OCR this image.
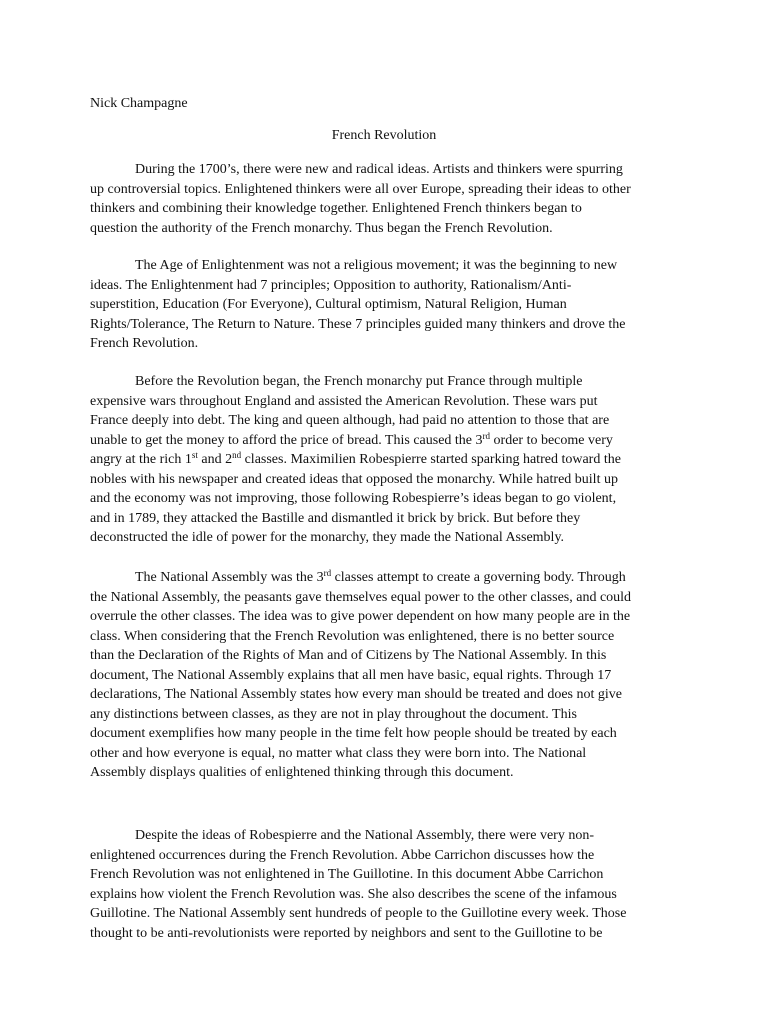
Nick Champagne

French Revolution

During the 1700’s, there were new and radical ideas. Artists and thinkers were spurring
up controversial topics. Enlightened thinkers were all over Europe, spreading their ideas to other
thinkers and combining their knowledge together. Enlightened French thinkers began to
question the authority of the French monarchy. Thus began the French Revolution.

The Age of Enlightenment was not a religious movement; it was the beginning to new
ideas. The Enlightenment had 7 principles; Opposition to authority, Rationalism/Anti-
superstition, Education (For Everyone), Cultural optimism, Natural Religion, Human
Rights/Tolerance, The Return to Nature. These 7 principles guided many thinkers and drove the
French Revolution.

Before the Revolution began, the French monarchy put France through multiple
expensive wars throughout England and assisted the American Revolution. These wars put
France deeply into debt. The king and queen although, had paid no attention to those that are
unable to get the money to afford the price of bread. This caused the 3rd order to become very
angry at the rich 1st and 2nd classes. Maximilien Robespierre started sparking hatred toward the
nobles with his newspaper and created ideas that opposed the monarchy. While hatred built up
and the economy was not improving, those following Robespierre’s ideas began to go violent,
and in 1789, they attacked the Bastille and dismantled it brick by brick. But before they
deconstructed the idle of power for the monarchy, they made the National Assembly.

The National Assembly was the 3rd classes attempt to create a governing body. Through
the National Assembly, the peasants gave themselves equal power to the other classes, and could
overrule the other classes. The idea was to give power dependent on how many people are in the
class. When considering that the French Revolution was enlightened, there is no better source
than the Declaration of the Rights of Man and of Citizens by The National Assembly. In this
document, The National Assembly explains that all men have basic, equal rights. Through 17
declarations, The National Assembly states how every man should be treated and does not give
any distinctions between classes, as they are not in play throughout the document. This
document exemplifies how many people in the time felt how people should be treated by each
other and how everyone is equal, no matter what class they were born into. The National
Assembly displays qualities of enlightened thinking through this document.

Despite the ideas of Robespierre and the National Assembly, there were very non-
enlightened occurrences during the French Revolution. Abbe Carrichon discusses how the
French Revolution was not enlightened in The Guillotine. In this document Abbe Carrichon
explains how violent the French Revolution was. She also describes the scene of the infamous
Guillotine. The National Assembly sent hundreds of people to the Guillotine every week. Those
thought to be anti-revolutionists were reported by neighbors and sent to the Guillotine to be
